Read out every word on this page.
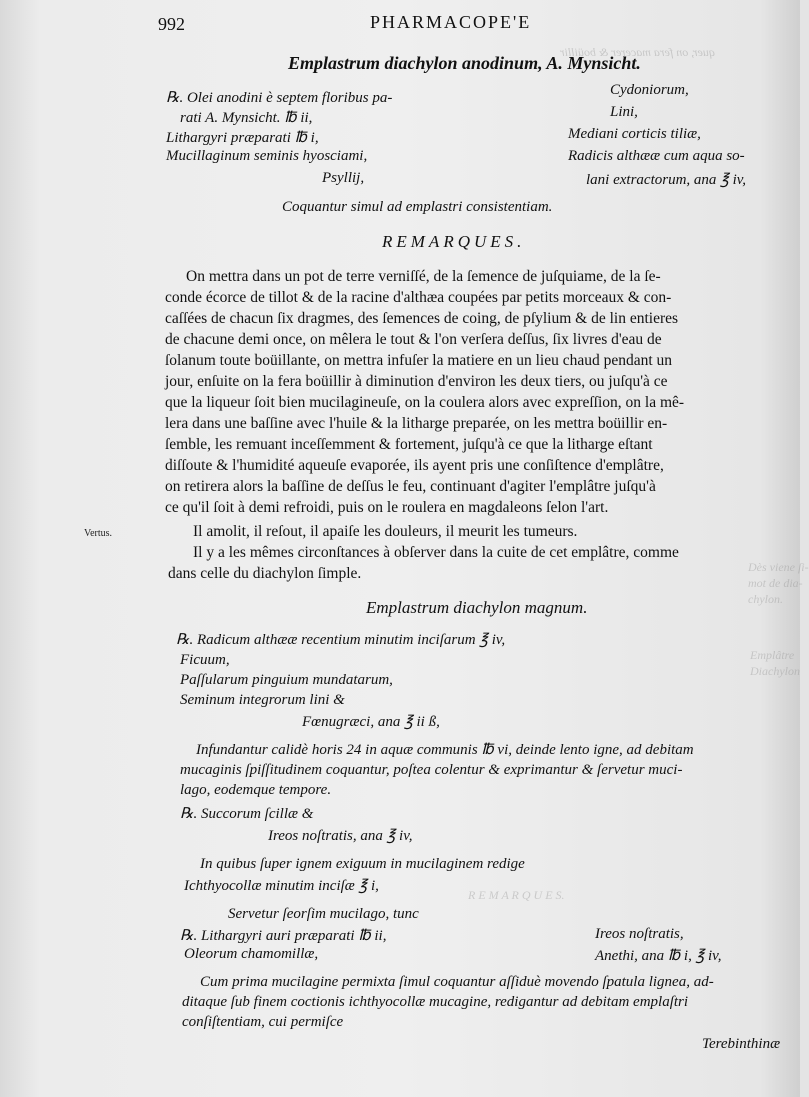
quer, on fera macerer & boüillir
Dès viene ſi-
mot de dia-
chylon.
Emplâtre
Diachylon
R E M A R Q U E S.
992	PHARMACOPE'E
Emplastrum diachylon anodinum, A. Mynsicht.
℞. Olei anodini è septem floribus pa-
rati A. Mynsicht. ℔ ii,
Lithargyri præparati ℔ i,
Mucillaginum seminis hyosciami,
Psyllij,
Cydoniorum,
Lini,
Mediani corticis tiliæ,
Radicis althææ cum aqua so-
lani extractorum, ana ℥ iv,
Coquantur simul ad emplastri consistentiam.
REMARQUES.
On mettra dans un pot de terre verniſſé, de la ſemence de juſquiame, de la ſe-
conde écorce de tillot & de la racine d'althæa coupées par petits morceaux & con-
caſſées de chacun ſix dragmes, des ſemences de coing, de pſylium & de lin entieres
de chacune demi once, on mêlera le tout & l'on verſera deſſus, ſix livres d'eau de
ſolanum toute boüillante, on mettra infuſer la matiere en un lieu chaud pendant un
jour, enſuite on la fera boüillir à diminution d'environ les deux tiers, ou juſqu'à ce
que la liqueur ſoit bien mucilagineuſe, on la coulera alors avec expreſſion, on la mê-
lera dans une baſſine avec l'huile & la litharge preparée, on les mettra boüillir en-
ſemble, les remuant inceſſemment & fortement, juſqu'à ce que la litharge eſtant
diſſoute & l'humidité aqueuſe evaporée, ils ayent pris une conſiſtence d'emplâtre,
on retirera alors la baſſine de deſſus le feu, continuant d'agiter l'emplâtre juſqu'à
ce qu'il ſoit à demi refroidi, puis on le roulera en magdaleons ſelon l'art.
Vertus.	Il amolit, il reſout, il apaiſe les douleurs, il meurit les tumeurs.
Il y a les mêmes circonſtances à obſerver dans la cuite de cet emplâtre, comme
dans celle du diachylon ſimple.
Emplastrum diachylon magnum.
℞. Radicum althææ recentium minutim inciſarum ℥ iv,
Ficuum,
Paſſularum pinguium mundatarum,
Seminum integrorum lini &
Fœnugræci, ana ℥ ii ß,
Infundantur calidè horis 24 in aquæ communis ℔ vi, deinde lento igne, ad debitam
mucaginis ſpiſſitudinem coquantur, poſtea colentur & exprimantur & ſervetur muci-
lago, eodemque tempore.
℞. Succorum ſcillæ &
Ireos noſtratis, ana ℥ iv,
In quibus ſuper ignem exiguum in mucilaginem redige
Ichthyocollæ minutim inciſæ ℥ i,
Servetur ſeorſim mucilago, tunc
℞. Lithargyri auri præparati ℔ ii,
Oleorum chamomillæ,
Ireos noſtratis,
Anethi, ana ℔ i, ℥ iv,
Cum prima mucilagine permixta ſimul coquantur aſſiduè movendo ſpatula lignea, ad-
ditaque ſub finem coctionis ichthyocollæ mucagine, redigantur ad debitam emplaſtri
conſiſtentiam, cui permiſce
Terebinthinæ
